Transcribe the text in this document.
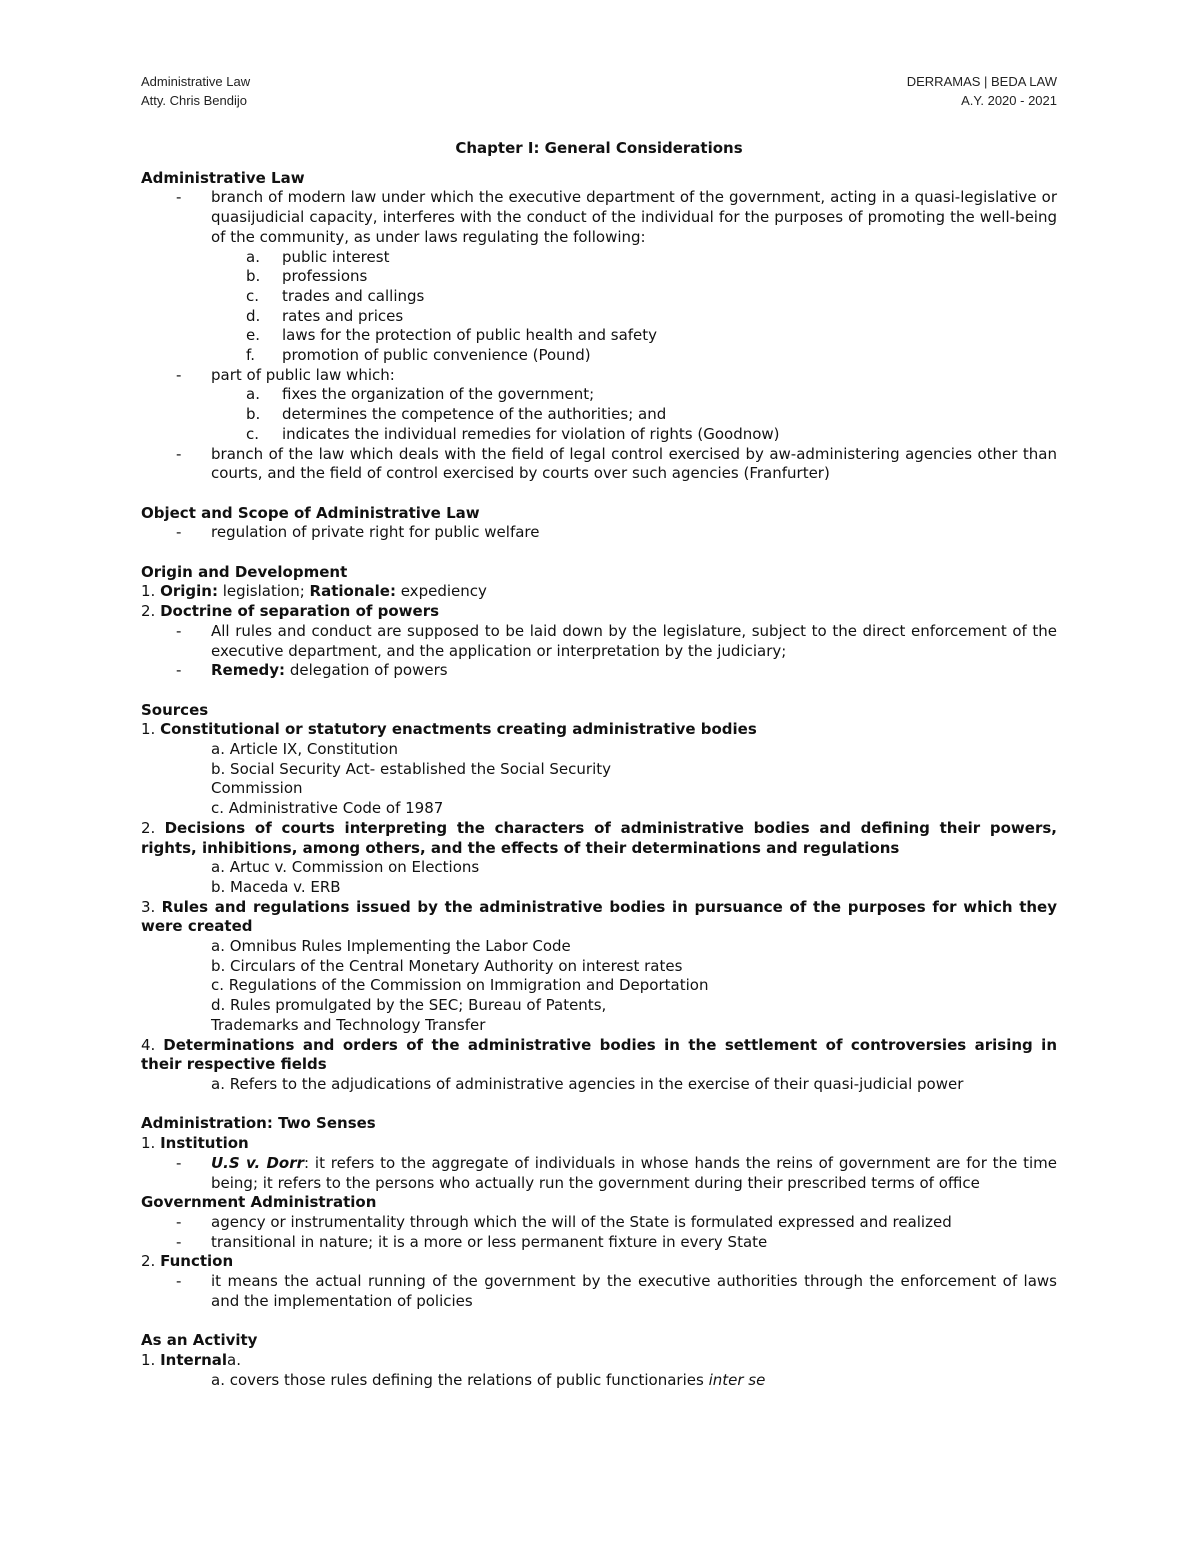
Administrative Law
Atty. Chris Bendijo
DERRAMAS | BEDA LAW
A.Y. 2020 - 2021
Chapter I: General Considerations
Administrative Law
-	branch of modern law under which the executive department of the government, acting in a quasi-legislative or quasijudicial capacity, interferes with the conduct of the individual for the purposes of promoting the well-being of the community, as under laws regulating the following:
a.	public interest
b.	professions
c.	trades and callings
d.	rates and prices
e.	laws for the protection of public health and safety
f.	promotion of public convenience (Pound)
-	part of public law which:
a.	fixes the organization of the government;
b.	determines the competence of the authorities; and
c.	indicates the individual remedies for violation of rights (Goodnow)
-	branch of the law which deals with the field of legal control exercised by aw-administering agencies other than courts, and the field of control exercised by courts over such agencies (Franfurter)
Object and Scope of Administrative Law
-	regulation of private right for public welfare
Origin and Development
1. Origin: legislation; Rationale: expediency
2. Doctrine of separation of powers
-	All rules and conduct are supposed to be laid down by the legislature, subject to the direct enforcement of the executive department, and the application or interpretation by the judiciary;
-	Remedy: delegation of powers
Sources
1. Constitutional or statutory enactments creating administrative bodies
a. Article IX, Constitution
b. Social Security Act- established the Social Security
Commission
c. Administrative Code of 1987
2. Decisions of courts interpreting the characters of administrative bodies and defining their powers, rights, inhibitions, among others, and the effects of their determinations and regulations
a. Artuc v. Commission on Elections
b. Maceda v. ERB
3. Rules and regulations issued by the administrative bodies in pursuance of the purposes for which they were created
a. Omnibus Rules Implementing the Labor Code
b. Circulars of the Central Monetary Authority on interest rates
c. Regulations of the Commission on Immigration and Deportation
d. Rules promulgated by the SEC; Bureau of Patents,
Trademarks and Technology Transfer
4. Determinations and orders of the administrative bodies in the settlement of controversies arising in their respective fields
a. Refers to the adjudications of administrative agencies in the exercise of their quasi-judicial power
Administration: Two Senses
1. Institution
-	U.S v. Dorr: it refers to the aggregate of individuals in whose hands the reins of government are for the time being; it refers to the persons who actually run the government during their prescribed terms of office
Government Administration
-	agency or instrumentality through which the will of the State is formulated expressed and realized
-	transitional in nature; it is a more or less permanent fixture in every State
2. Function
-	it means the actual running of the government by the executive authorities through the enforcement of laws and the implementation of policies
As an Activity
1. Internala.
a. covers those rules defining the relations of public functionaries inter se
